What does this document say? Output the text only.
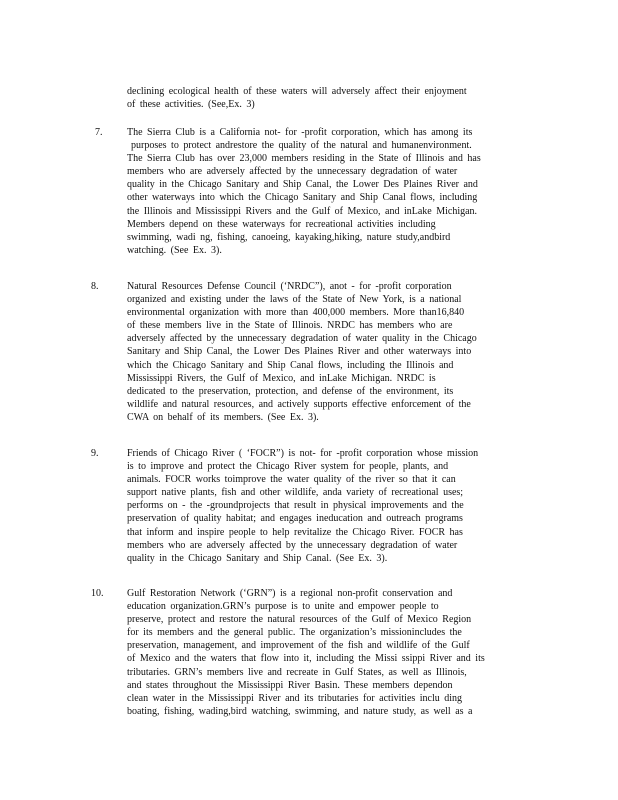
declining ecological health of these waters will adversely affect their enjoyment
of these activities. (See,Ex. 3)
7. The Sierra Club is a California not- for -profit corporation, which has among its
purposes to protect andrestore the quality of the natural and humanenvironment.
The Sierra Club has over 23,000 members residing in the State of Illinois and has
members who are adversely affected by the unnecessary degradation of water
quality in the Chicago Sanitary and Ship Canal, the Lower Des Plaines River and
other waterways into which the Chicago Sanitary and Ship Canal flows, including
the Illinois and Mississippi Rivers and the Gulf of Mexico, and inLake Michigan.
Members depend on these waterways for recreational activities including
swimming, wadi ng, fishing, canoeing, kayaking,hiking, nature study,andbird
watching. (See Ex. 3).
8.	Natural Resources Defense Council (‘NRDC”), anot - for -profit corporation
organized and existing under the laws of the State of New York, is a national
environmental organization with more than 400,000 members. More than16,840
of these members live in the State of Illinois. NRDC has members who are
adversely affected by the unnecessary degradation of water quality in the Chicago
Sanitary and Ship Canal, the Lower Des Plaines River and other waterways into
which the Chicago Sanitary and Ship Canal flows, including the Illinois and
Mississippi Rivers, the Gulf of Mexico, and inLake Michigan. NRDC is
dedicated to the preservation, protection, and defense of the environment, its
wildlife and natural resources, and actively supports effective enforcement of the
CWA on behalf of its members. (See Ex. 3).
9.	Friends of Chicago River ( ‘FOCR”) is not- for -profit corporation whose mission
is to improve and protect the Chicago River system for people, plants, and
animals. FOCR works toimprove the water quality of the river so that it can
support native plants, fish and other wildlife, anda variety of recreational uses;
performs on - the -groundprojects that result in physical improvements and the
preservation of quality habitat; and engages ineducation and outreach programs
that inform and inspire people to help revitalize the Chicago River. FOCR has
members who are adversely affected by the unnecessary degradation of water
quality in the Chicago Sanitary and Ship Canal. (See Ex. 3).
10. Gulf Restoration Network (‘GRN”) is a regional non-profit conservation and
education organization.GRN’s purpose is to unite and empower people to
preserve, protect and restore the natural resources of the Gulf of Mexico Region
for its members and the general public. The organization’s missionincludes the
preservation, management, and improvement of the fish and wildlife of the Gulf
of Mexico and the waters that flow into it, including the Missi ssippi River and its
tributaries. GRN’s members live and recreate in Gulf States, as well as Illinois,
and states throughout the Mississippi River Basin. These members dependon
clean water in the Mississippi River and its tributaries for activities inclu ding
boating, fishing, wading,bird watching, swimming, and nature study, as well as a
